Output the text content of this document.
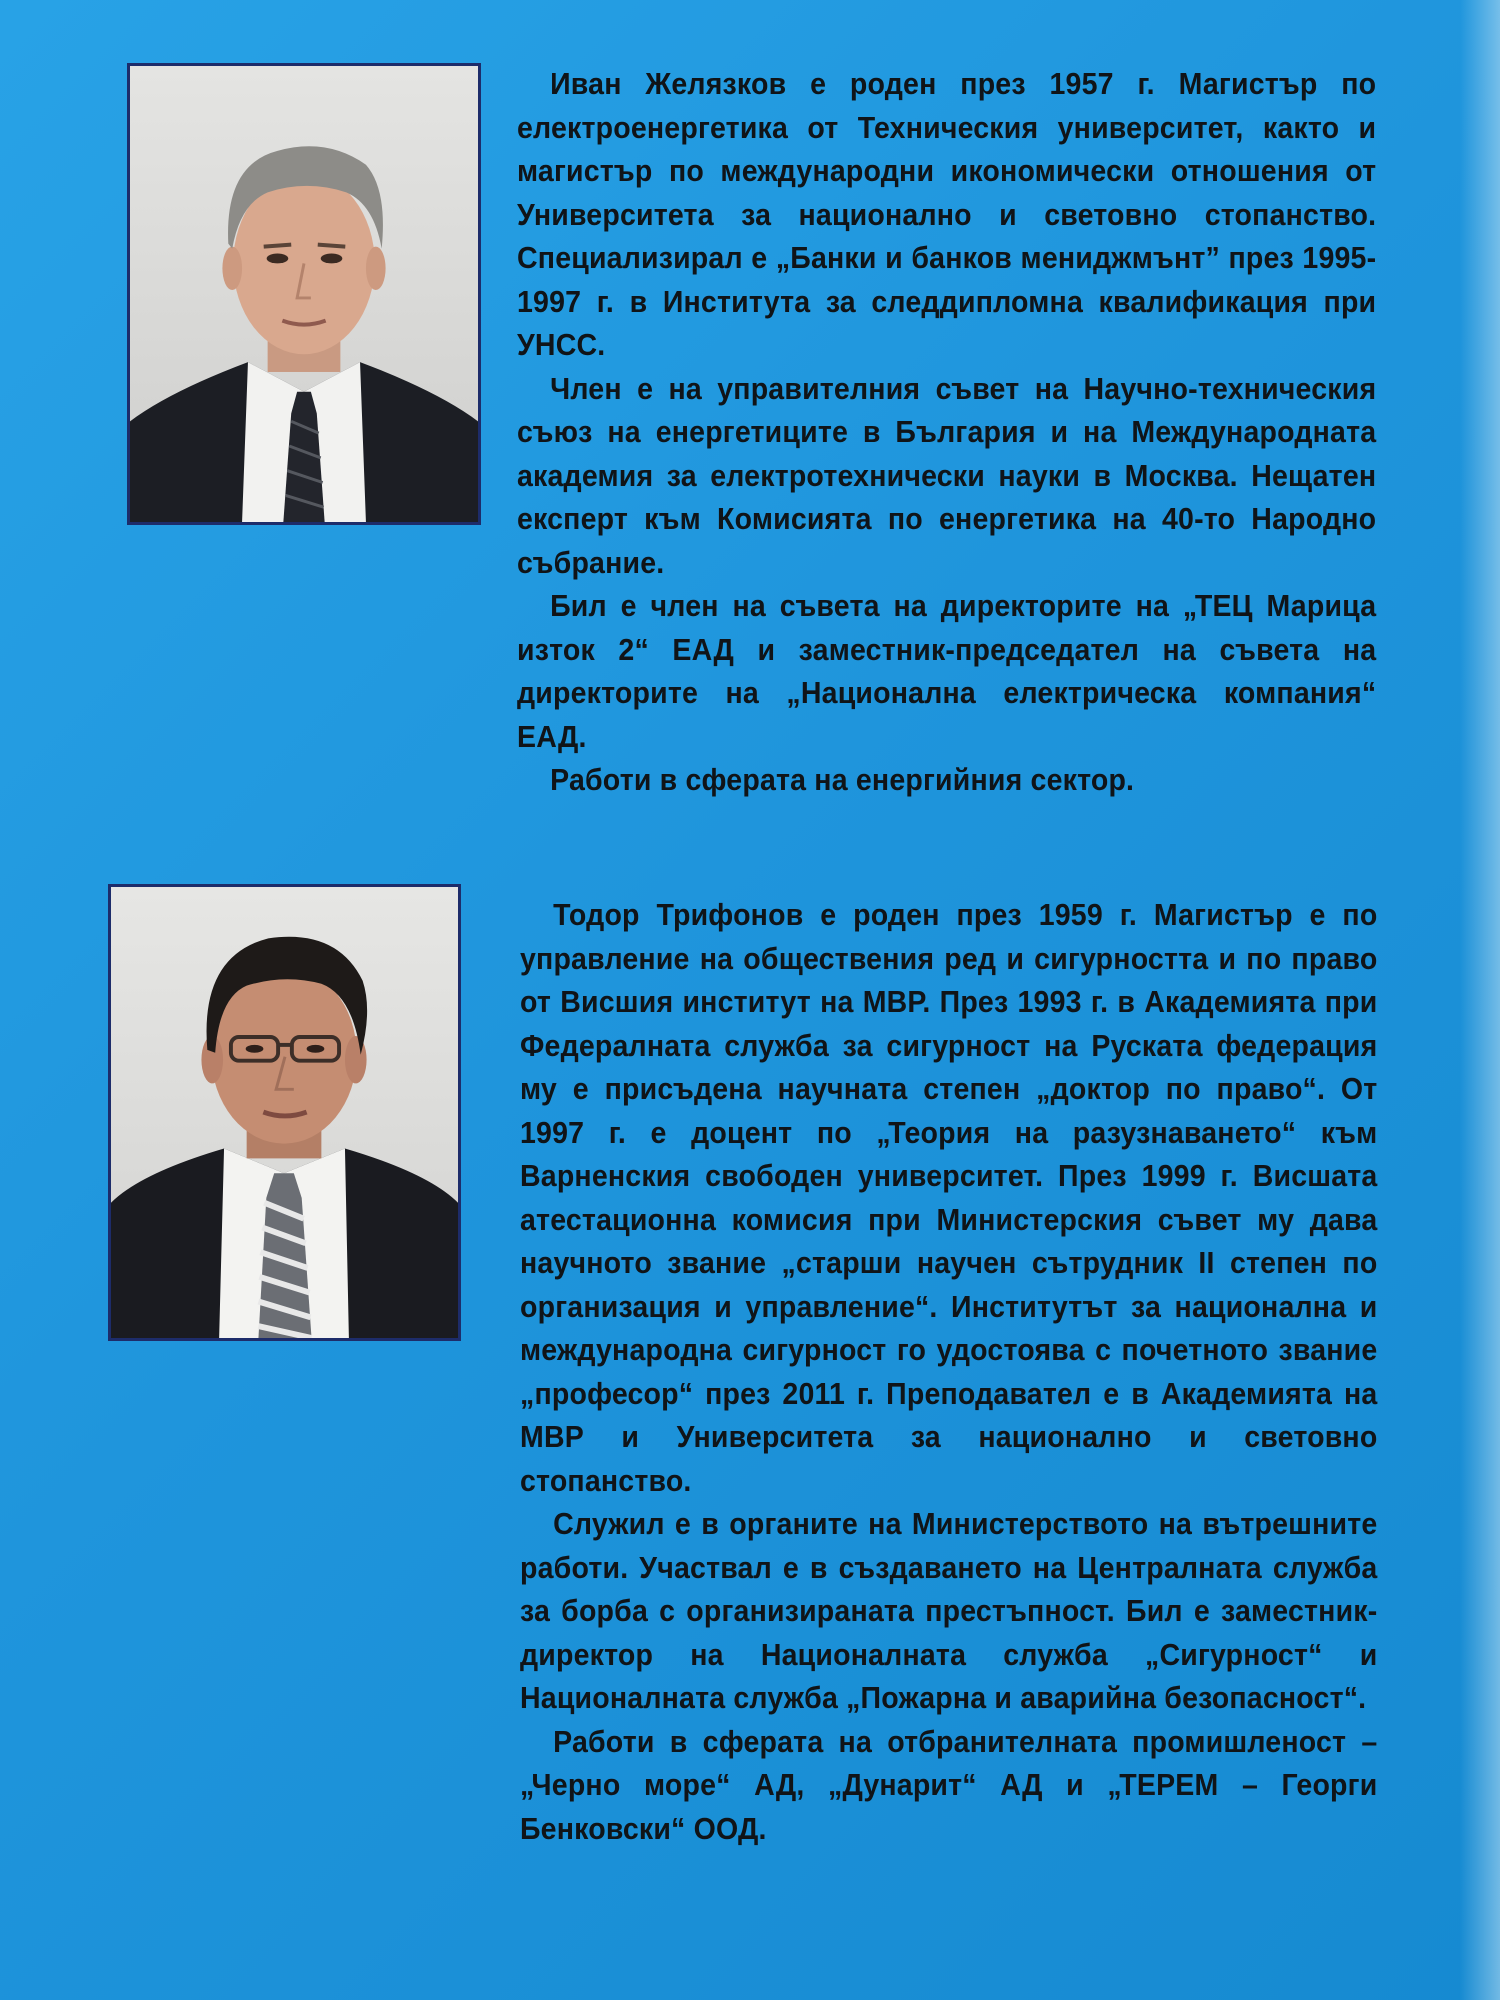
Иван Желязков е роден през 1957 г. Магистър по електроенергетика от Техническия университет, както и магистър по международни икономически отношения от Университета за национално и световно стопанство. Специализирал е „Банки и банков мениджмънт” през 1995-1997 г. в Института за следдипломна квалификация при УНСС.

Член е на управителния съвет на Научно-техническия съюз на енергетиците в България и на Международната академия за електротехнически науки в Москва. Нещатен експерт към Комисията по енергетика на 40-то Народно събрание.

Бил е член на съвета на директорите на „ТЕЦ Марица изток 2“ ЕАД и заместник-председател на съвета на директорите на „Национална електрическа компания“ ЕАД.

Работи в сферата на енергийния сектор.

Тодор Трифонов е роден през 1959 г. Магистър е по управление на обществения ред и сигурността и по право от Висшия институт на МВР. През 1993 г. в Академията при Федералната служба за сигурност на Руската федерация му е присъдена научната степен „доктор по право“. От 1997 г. е доцент по „Теория на разузнаването“ към Варненския свободен университет. През 1999 г. Висшата атестационна комисия при Министерския съвет му дава научното звание „старши научен сътрудник II степен по организация и управление“. Институтът за национална и международна сигурност го удостоява с почетното звание „професор“ през 2011 г. Преподавател е в Академията на МВР и Университета за национално и световно стопанство.

Служил е в органите на Министерството на вътрешните работи. Участвал е в създаването на Централната служба за борба с организираната престъпност. Бил е заместник-директор на Националната служба „Сигурност“ и Националната служба „Пожарна и аварийна безопасност“.

Работи в сферата на отбранителната промишленост – „Черно море“ АД, „Дунарит“ АД и „ТЕРЕМ – Георги Бенковски“ ООД.
